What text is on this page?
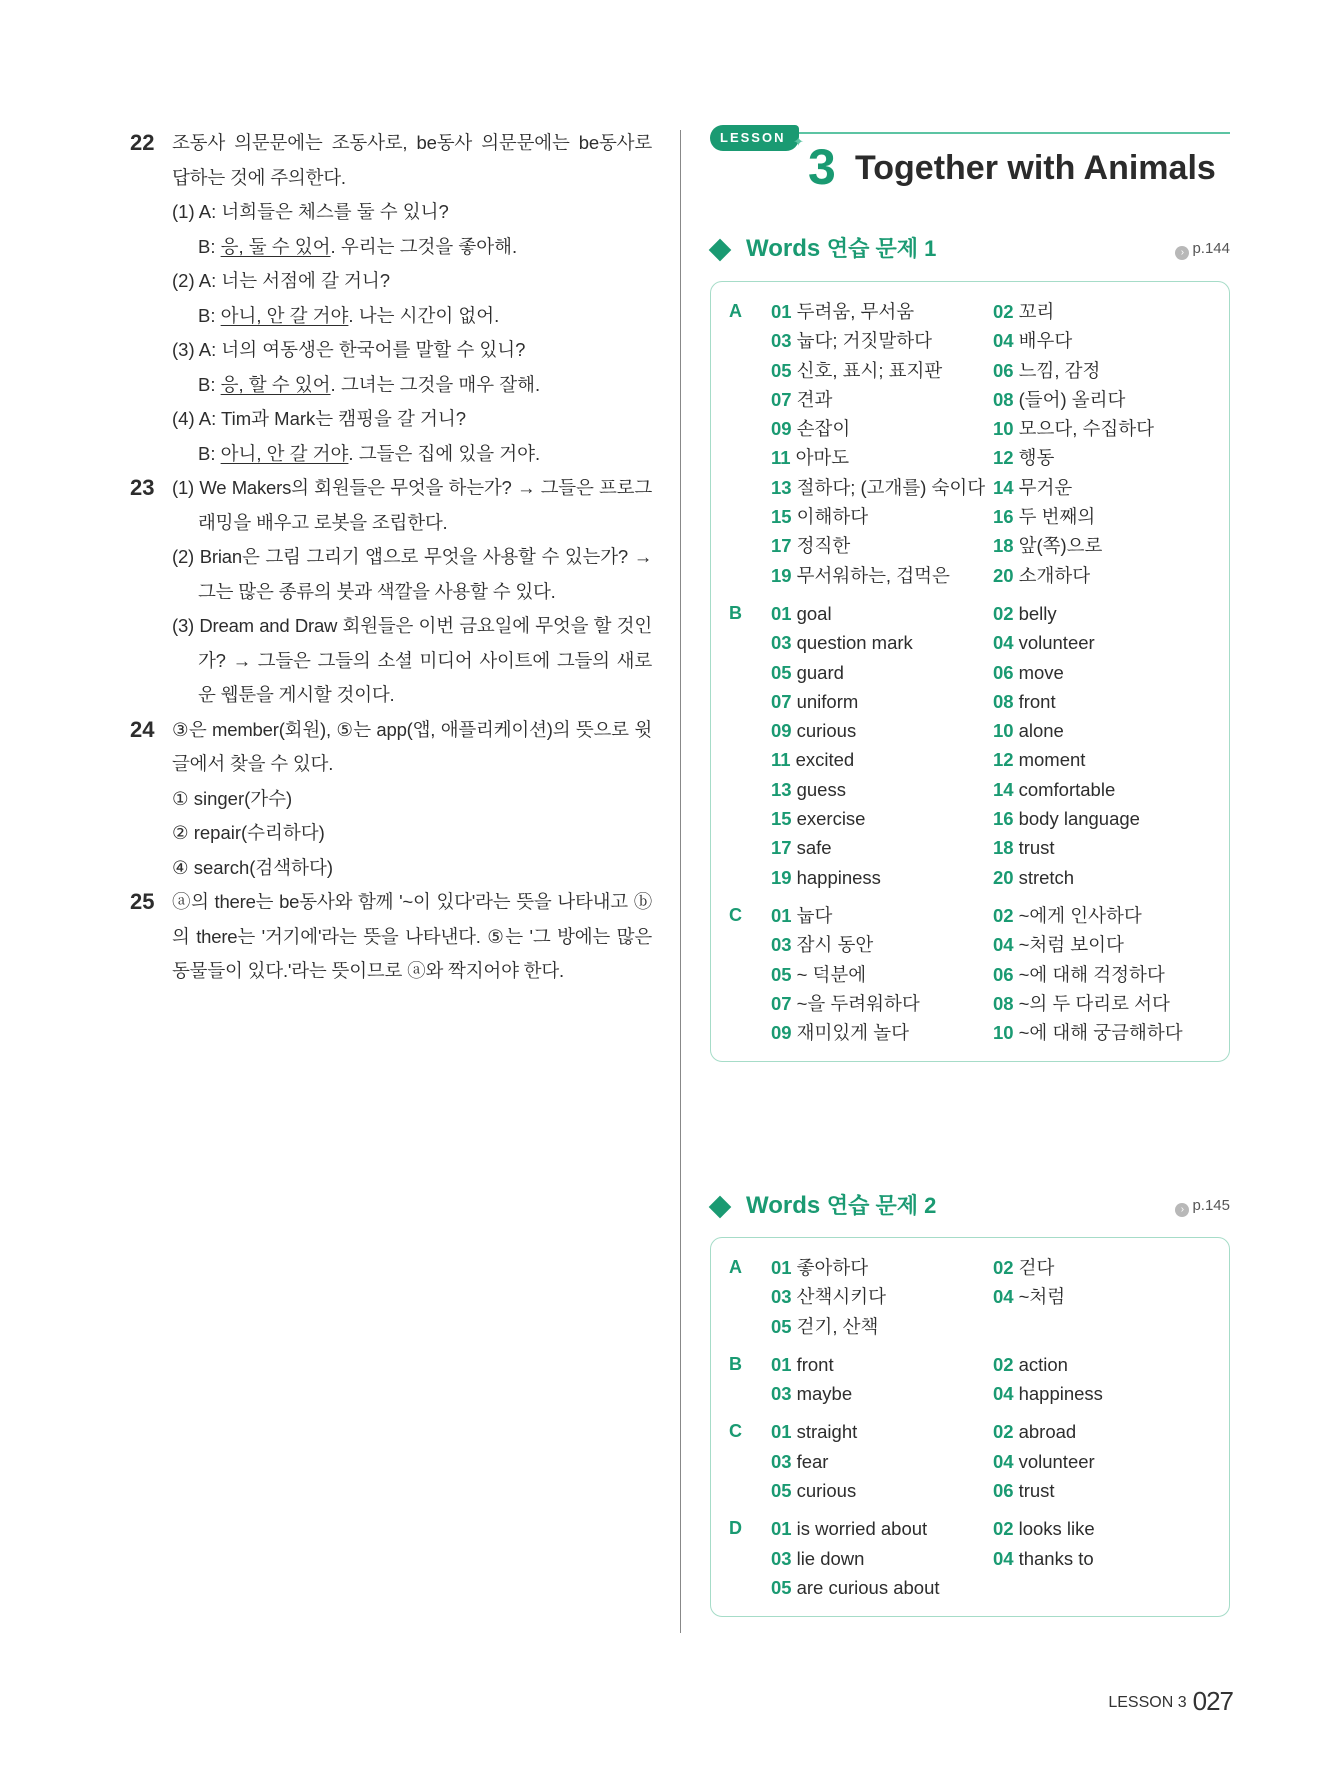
22 조동사 의문문에는 조동사로, be동사 의문문에는 be동사로 답하는 것에 주의한다.
(1) A: 너희들은 체스를 둘 수 있니?
B: 응, 둘 수 있어. 우리는 그것을 좋아해.
(2) A: 너는 서점에 갈 거니?
B: 아니, 안 갈 거야. 나는 시간이 없어.
(3) A: 너의 여동생은 한국어를 말할 수 있니?
B: 응, 할 수 있어. 그녀는 그것을 매우 잘해.
(4) A: Tim과 Mark는 캠핑을 갈 거니?
B: 아니, 안 갈 거야. 그들은 집에 있을 거야.
23 (1) We Makers의 회원들은 무엇을 하는가? → 그들은 프로그래밍을 배우고 로봇을 조립한다.
(2) Brian은 그림 그리기 앱으로 무엇을 사용할 수 있는가? → 그는 많은 종류의 붓과 색깔을 사용할 수 있다.
(3) Dream and Draw 회원들은 이번 금요일에 무엇을 할 것인가? → 그들은 그들의 소셜 미디어 사이트에 그들의 새로운 웹툰을 게시할 것이다.
24 ③은 member(회원), ⑤는 app(앱, 애플리케이션)의 뜻으로 윗글에서 찾을 수 있다.
① singer(가수)
② repair(수리하다)
④ search(검색하다)
25 ⓐ의 there는 be동사와 함께 '~이 있다'라는 뜻을 나타내고 ⓑ의 there는 '거기에'라는 뜻을 나타낸다. ⑤는 '그 방에는 많은 동물들이 있다.'라는 뜻이므로 ⓐ와 짝지어야 한다.
LESSON ✦ 3 Together with Animals
Words 연습 문제 1	› p.144
A 01 두려움, 무서움	02 꼬리
03 눕다; 거짓말하다	04 배우다
05 신호, 표시; 표지판	06 느낌, 감정
07 견과	08 (들어) 올리다
09 손잡이	10 모으다, 수집하다
11 아마도	12 행동
13 절하다; (고개를) 숙이다 14 무거운
15 이해하다	16 두 번째의
17 정직한	18 앞(쪽)으로
19 무서워하는, 겁먹은	20 소개하다
B 01 goal	02 belly
03 question mark	04 volunteer
05 guard	06 move
07 uniform	08 front
09 curious	10 alone
11 excited	12 moment
13 guess	14 comfortable
15 exercise	16 body language
17 safe	18 trust
19 happiness	20 stretch
C 01 눕다	02 ~에게 인사하다
03 잠시 동안	04 ~처럼 보이다
05 ~ 덕분에	06 ~에 대해 걱정하다
07 ~을 두려워하다	08 ~의 두 다리로 서다
09 재미있게 놀다	10 ~에 대해 궁금해하다
Words 연습 문제 2	› p.145
A 01 좋아하다	02 걷다
03 산책시키다	04 ~처럼
05 걷기, 산책
B 01 front	02 action
03 maybe	04 happiness
C 01 straight	02 abroad
03 fear	04 volunteer
05 curious	06 trust
D 01 is worried about	02 looks like
03 lie down	04 thanks to
05 are curious about
LESSON 3 027
